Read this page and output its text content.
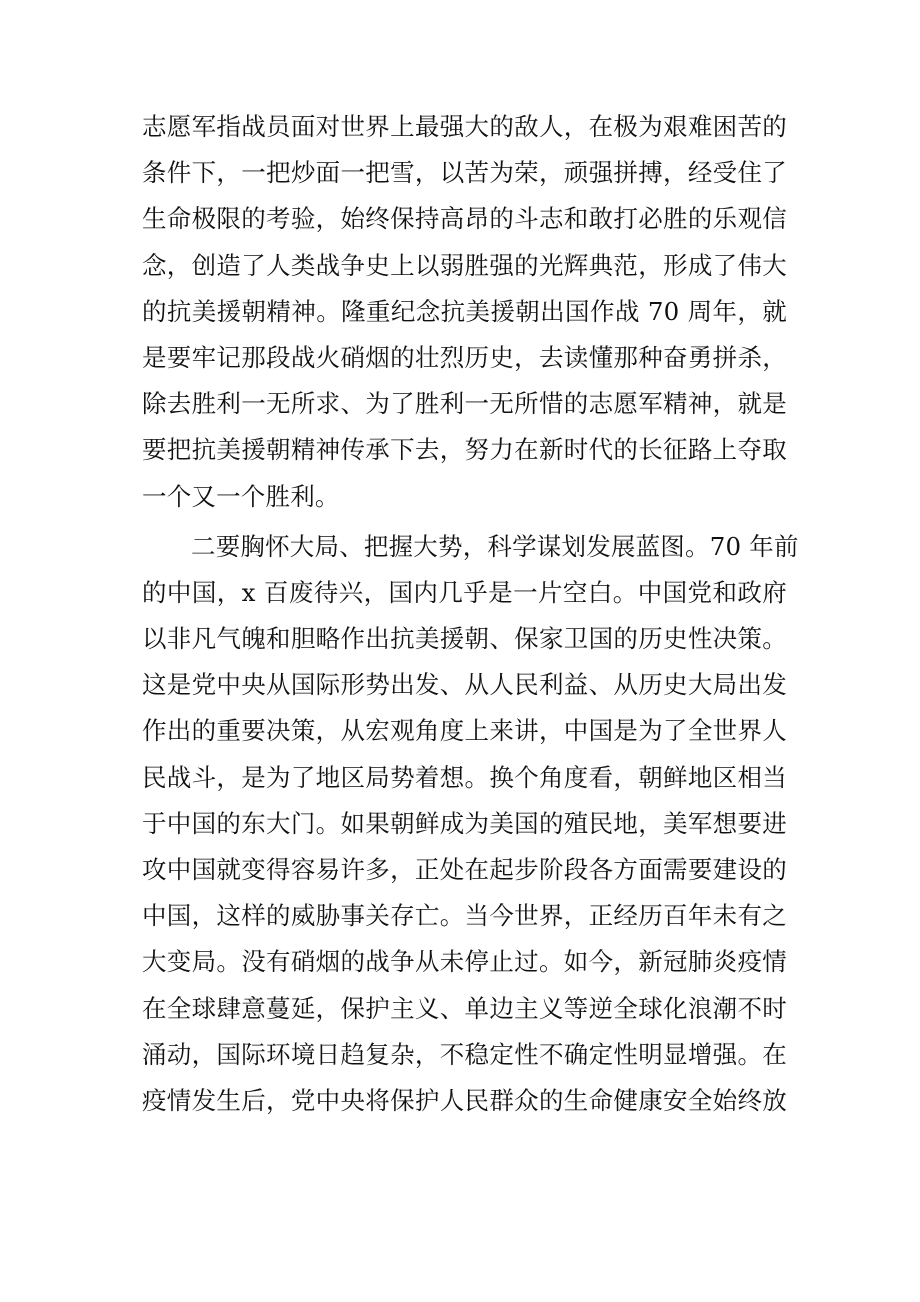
志愿军指战员面对世界上最强大的敌人，在极为艰难困苦的
条件下，一把炒面一把雪，以苦为荣，顽强拼搏，经受住了
生命极限的考验，始终保持高昂的斗志和敢打必胜的乐观信
念，创造了人类战争史上以弱胜强的光辉典范，形成了伟大
的抗美援朝精神。隆重纪念抗美援朝出国作战 70 周年，就
是要牢记那段战火硝烟的壮烈历史，去读懂那种奋勇拼杀，
除去胜利一无所求、为了胜利一无所惜的志愿军精神，就是
要把抗美援朝精神传承下去，努力在新时代的长征路上夺取
一个又一个胜利。
二要胸怀大局、把握大势，科学谋划发展蓝图。70 年前
的中国，x 百废待兴，国内几乎是一片空白。中国党和政府
以非凡气魄和胆略作出抗美援朝、保家卫国的历史性决策。
这是党中央从国际形势出发、从人民利益、从历史大局出发
作出的重要决策，从宏观角度上来讲，中国是为了全世界人
民战斗，是为了地区局势着想。换个角度看，朝鲜地区相当
于中国的东大门。如果朝鲜成为美国的殖民地，美军想要进
攻中国就变得容易许多，正处在起步阶段各方面需要建设的
中国，这样的威胁事关存亡。当今世界，正经历百年未有之
大变局。没有硝烟的战争从未停止过。如今，新冠肺炎疫情
在全球肆意蔓延，保护主义、单边主义等逆全球化浪潮不时
涌动，国际环境日趋复杂，不稳定性不确定性明显增强。在
疫情发生后，党中央将保护人民群众的生命健康安全始终放
